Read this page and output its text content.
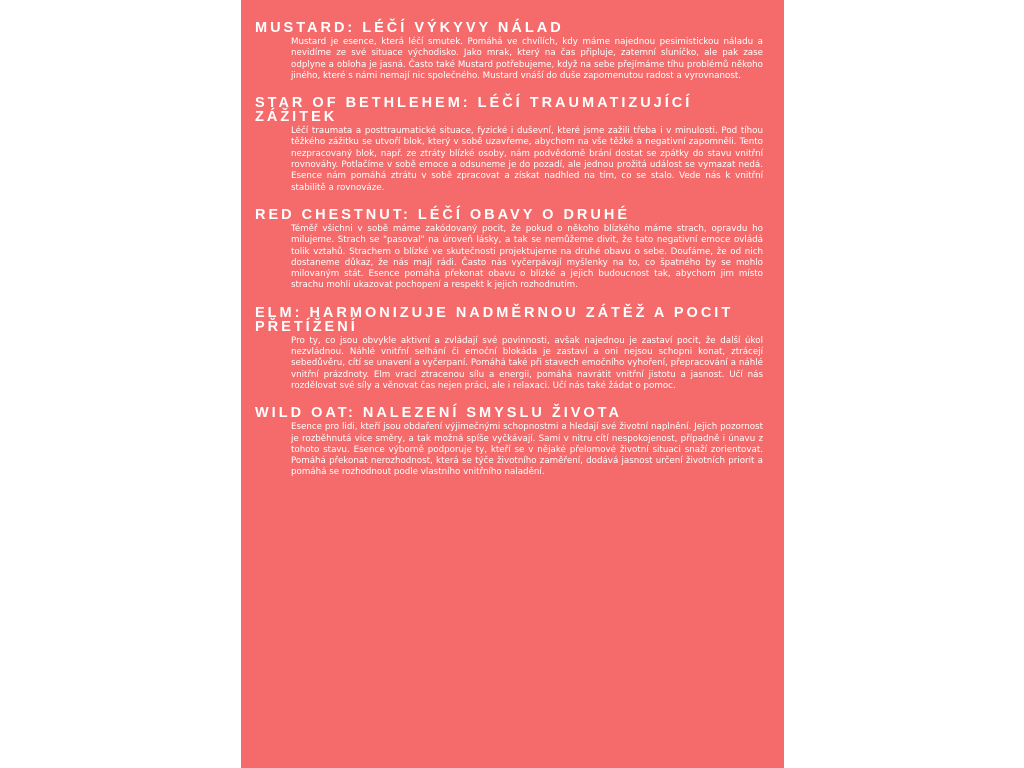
MUSTARD: LÉČÍ VÝKYVY NÁLAD
Mustard je esence, která léčí smutek. Pomáhá ve chvílích, kdy máme najednou pesimistickou náladu a nevidíme ze své situace východisko. Jako mrak, který na čas připluje, zatemní sluníčko, ale pak zase odplyne a obloha je jasná. Často také Mustard potřebujeme, když na sebe přejímáme tíhu problémů někoho jiného, které s námi nemají nic společného. Mustard vnáší do duše zapomenutou radost a vyrovnanost.
STAR OF BETHLEHEM: LÉČÍ TRAUMATIZUJÍCÍ ZÁŽITEK
Léčí traumata a posttraumatické situace, fyzické i duševní, které jsme zažili třeba i v minulosti. Pod tíhou těžkého zážitku se utvoří blok, který v sobě uzavřeme, abychom na vše těžké a negativní zapomněli. Tento nezpracovaný blok, např. ze ztráty blízké osoby, nám podvědomě brání dostat se zpátky do stavu vnitřní rovnováhy. Potlačíme v sobě emoce a odsuneme je do pozadí, ale jednou prožitá událost se vymazat nedá. Esence nám pomáhá ztrátu v sobě zpracovat a získat nadhled na tím, co se stalo. Vede nás k vnitřní stabilitě a rovnováze.
RED CHESTNUT: LÉČÍ OBAVY O DRUHÉ
Téměř všichni v sobě máme zakódovaný pocit, že pokud o někoho blízkého máme strach, opravdu ho milujeme. Strach se "pasoval" na úroveň lásky, a tak se nemůžeme divit, že tato negativní emoce ovládá tolik vztahů. Strachem o blízké ve skutečnosti projektujeme na druhé obavu o sebe. Doufáme, že od nich dostaneme důkaz, že nás mají rádi. Často nás vyčerpávají myšlenky na to, co špatného by se mohlo milovaným stát. Esence pomáhá překonat obavu o blízké a jejich budoucnost tak, abychom jim místo strachu mohli ukazovat pochopení a respekt k jejich rozhodnutím.
ELM: HARMONIZUJE NADMĚRNOU ZÁTĚŽ A POCIT PŘETÍŽENÍ
Pro ty, co jsou obvykle aktivní a zvládají své povinnosti, avšak najednou je zastaví pocit, že další úkol nezvládnou. Náhlé vnitřní selhání či emoční blokáda je zastaví a oni nejsou schopni konat, ztrácejí sebedůvěru, cítí se unavení a vyčerpaní. Pomáhá také při stavech emočního vyhoření, přepracování a náhlé vnitřní prázdnoty. Elm vrací ztracenou sílu a energii, pomáhá navrátit vnitřní jistotu a jasnost. Učí nás rozdělovat své síly a věnovat čas nejen práci, ale i relaxaci. Učí nás také žádat o pomoc.
WILD OAT: NALEZENÍ SMYSLU ŽIVOTA
Esence pro lidi, kteří jsou obdaření výjimečnými schopnostmi a hledají své životní naplnění. Jejich pozornost je rozběhnutá více směry, a tak možná spíše vyčkávají. Sami v nitru cítí nespokojenost, případně i únavu z tohoto stavu. Esence výborně podporuje ty, kteří se v nějaké přelomové životní situaci snaží zorientovat. Pomáhá překonat nerozhodnost, která se týče životního zaměření, dodává jasnost určení životních priorit a pomáhá se rozhodnout podle vlastního vnitřního naladění.
